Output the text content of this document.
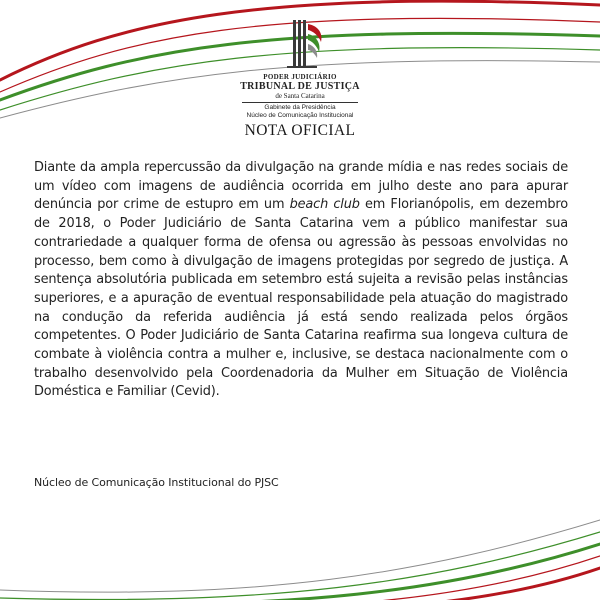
PODER JUDICIÁRIO
TRIBUNAL DE JUSTIÇA
de Santa Catarina
Gabinete da Presidência
Núcleo de Comunicação Institucional
NOTA OFICIAL

Diante da ampla repercussão da divulgação na grande mídia e nas redes sociais de um vídeo com imagens de audiência ocorrida em julho deste ano para apurar denúncia por crime de estupro em um beach club em Florianópolis, em dezembro de 2018, o Poder Judiciário de Santa Catarina vem a público manifestar sua contrariedade a qualquer forma de ofensa ou agressão às pessoas envolvidas no processo, bem como à divulgação de imagens protegidas por segredo de justiça. A sentença absolutória publicada em setembro está sujeita a revisão pelas instâncias superiores, e a apuração de eventual responsabilidade pela atuação do magistrado na condução da referida audiência já está sendo realizada pelos órgãos competentes. O Poder Judiciário de Santa Catarina reafirma sua longeva cultura de combate à violência contra a mulher e, inclusive, se destaca nacionalmente com o trabalho desenvolvido pela Coordenadoria da Mulher em Situação de Violência Doméstica e Familiar (Cevid).

Núcleo de Comunicação Institucional do PJSC
